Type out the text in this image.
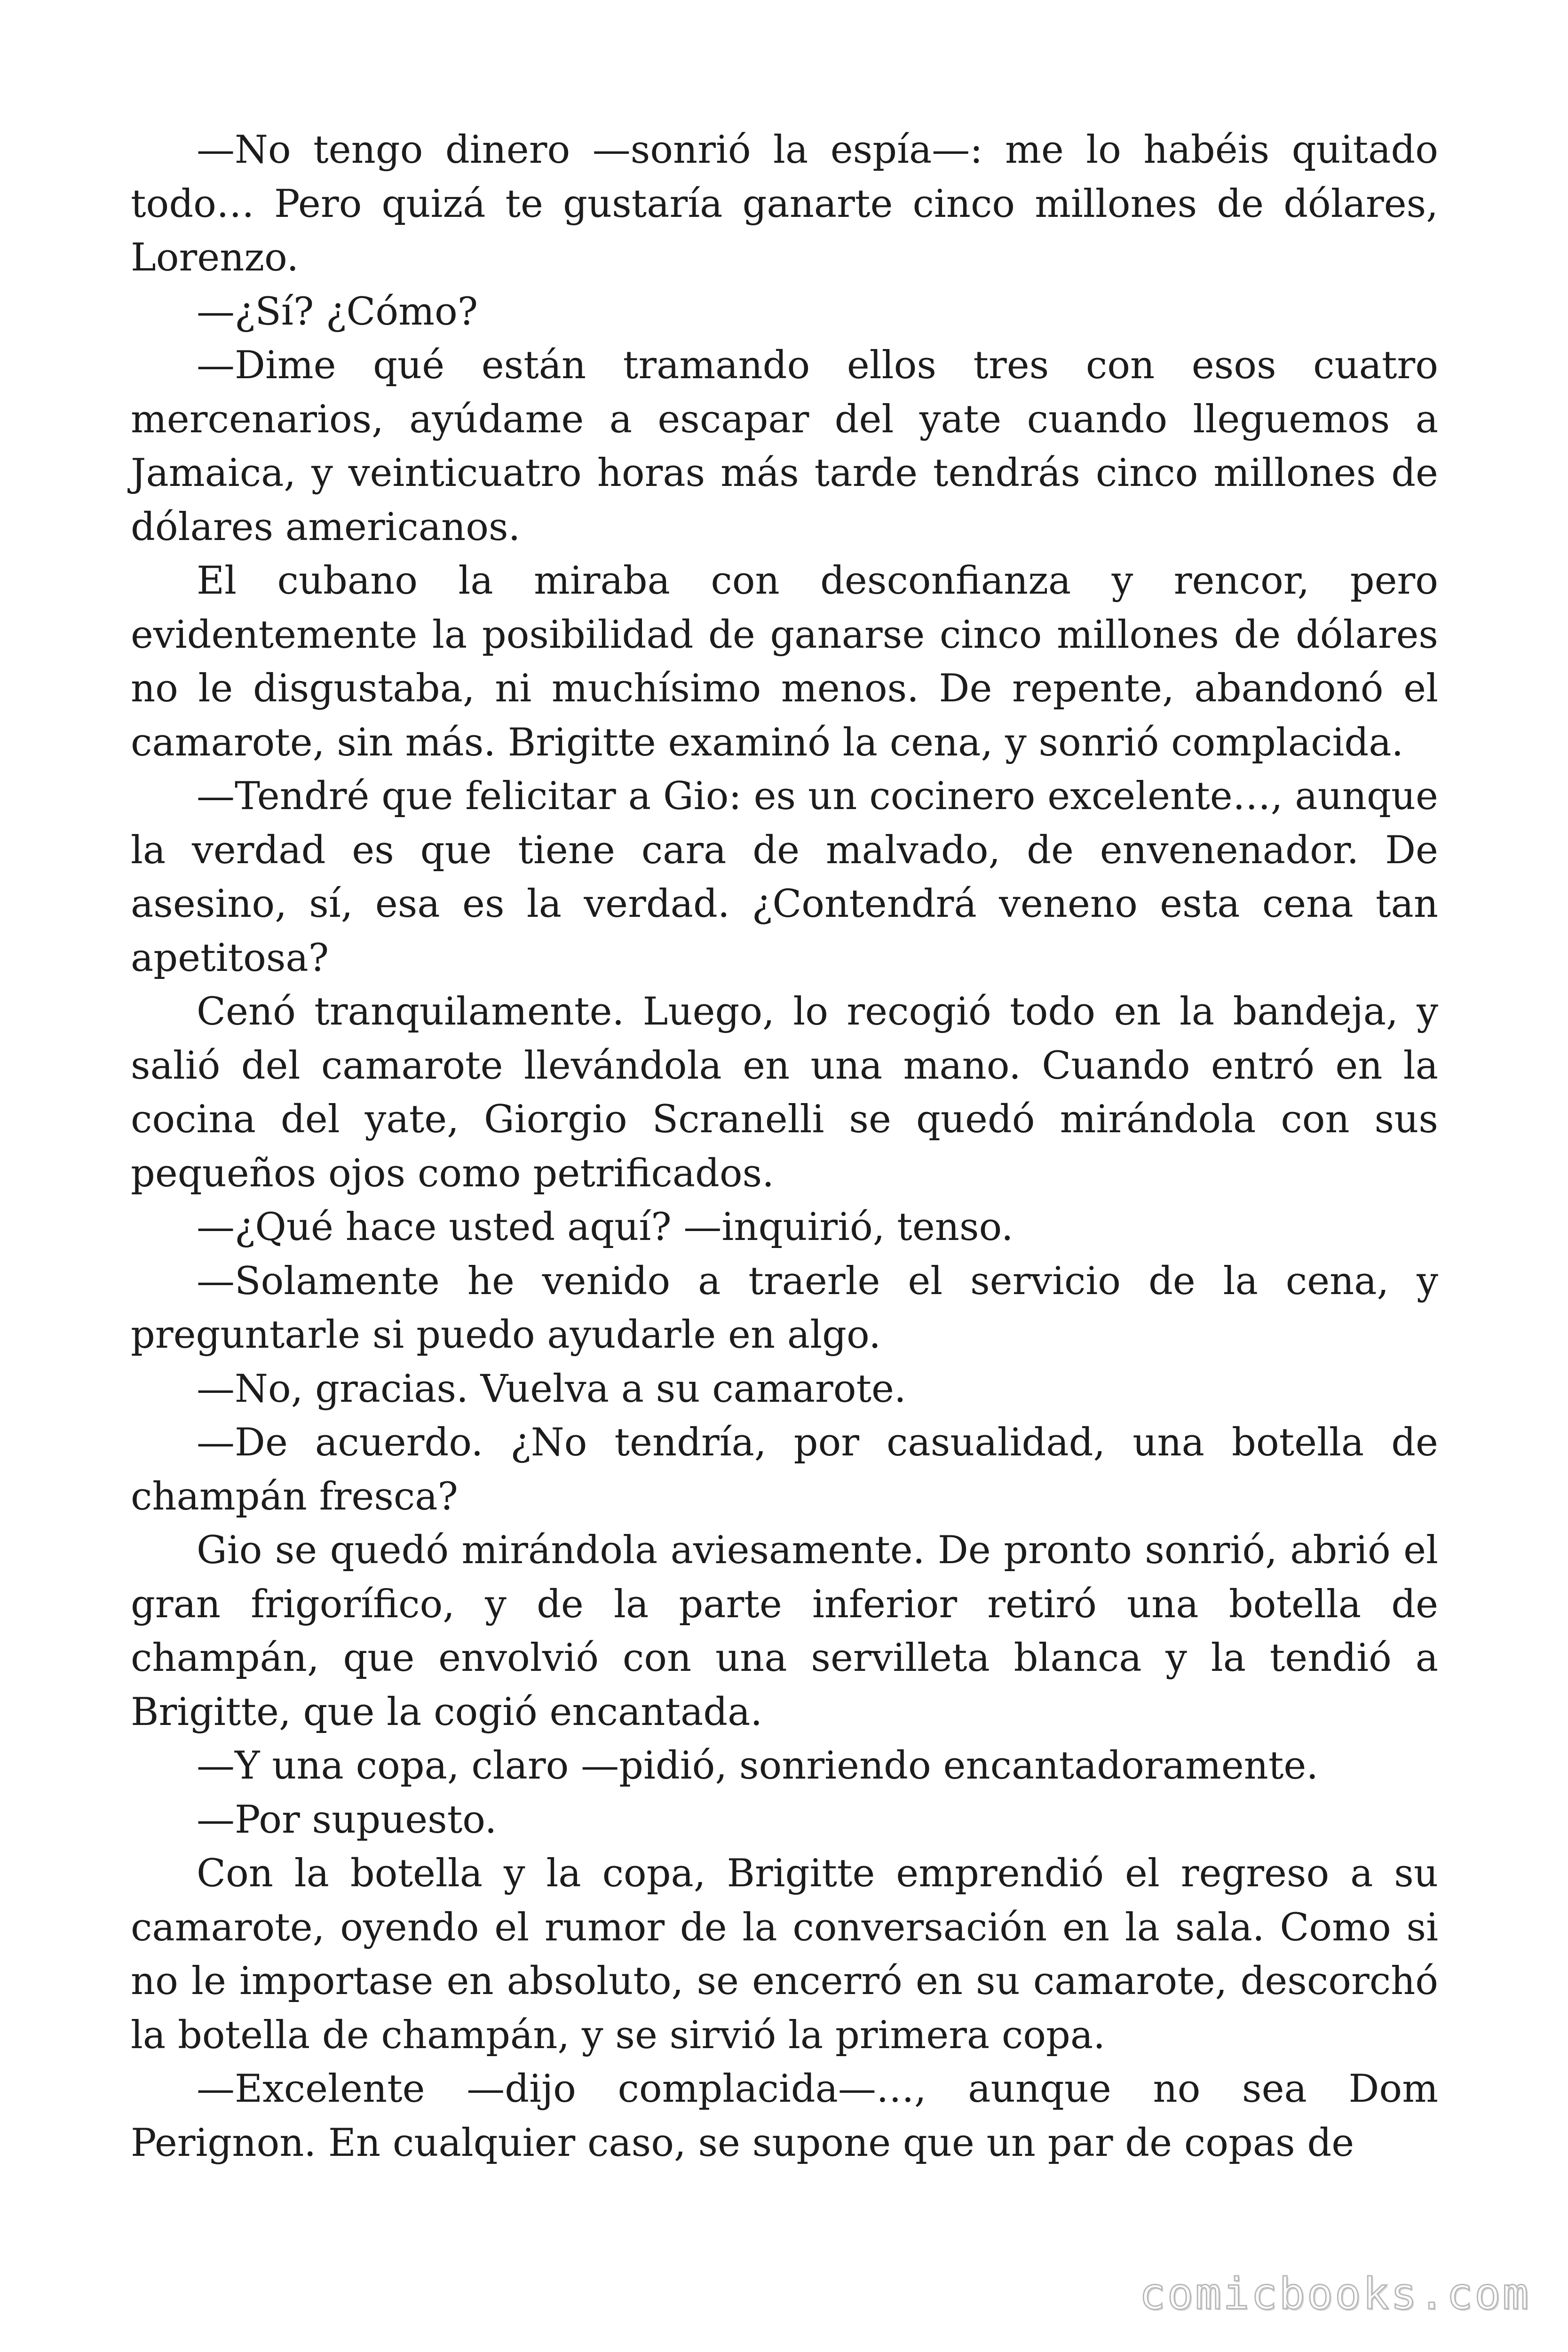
—No tengo dinero —sonrió la espía—: me lo habéis quitado todo… Pero quizá te gustaría ganarte cinco millones de dólares, Lorenzo.

—¿Sí? ¿Cómo?

—Dime qué están tramando ellos tres con esos cuatro mercenarios, ayúdame a escapar del yate cuando lleguemos a Jamaica, y veinticuatro horas más tarde tendrás cinco millones de dólares americanos.

El cubano la miraba con desconfianza y rencor, pero evidentemente la posibilidad de ganarse cinco millones de dólares no le disgustaba, ni muchísimo menos. De repente, abandonó el camarote, sin más. Brigitte examinó la cena, y sonrió complacida.

—Tendré que felicitar a Gio: es un cocinero excelente…, aunque la verdad es que tiene cara de malvado, de envenenador. De asesino, sí, esa es la verdad. ¿Contendrá veneno esta cena tan apetitosa?

Cenó tranquilamente. Luego, lo recogió todo en la bandeja, y salió del camarote llevándola en una mano. Cuando entró en la cocina del yate, Giorgio Scranelli se quedó mirándola con sus pequeños ojos como petrificados.

—¿Qué hace usted aquí? —inquirió, tenso.

—Solamente he venido a traerle el servicio de la cena, y preguntarle si puedo ayudarle en algo.

—No, gracias. Vuelva a su camarote.

—De acuerdo. ¿No tendría, por casualidad, una botella de champán fresca?

Gio se quedó mirándola aviesamente. De pronto sonrió, abrió el gran frigorífico, y de la parte inferior retiró una botella de champán, que envolvió con una servilleta blanca y la tendió a Brigitte, que la cogió encantada.

—Y una copa, claro —pidió, sonriendo encantadoramente.

—Por supuesto.

Con la botella y la copa, Brigitte emprendió el regreso a su camarote, oyendo el rumor de la conversación en la sala. Como si no le importase en absoluto, se encerró en su camarote, descorchó la botella de champán, y se sirvió la primera copa.

—Excelente —dijo complacida—…, aunque no sea Dom Perignon. En cualquier caso, se supone que un par de copas de

comicbooks.com
